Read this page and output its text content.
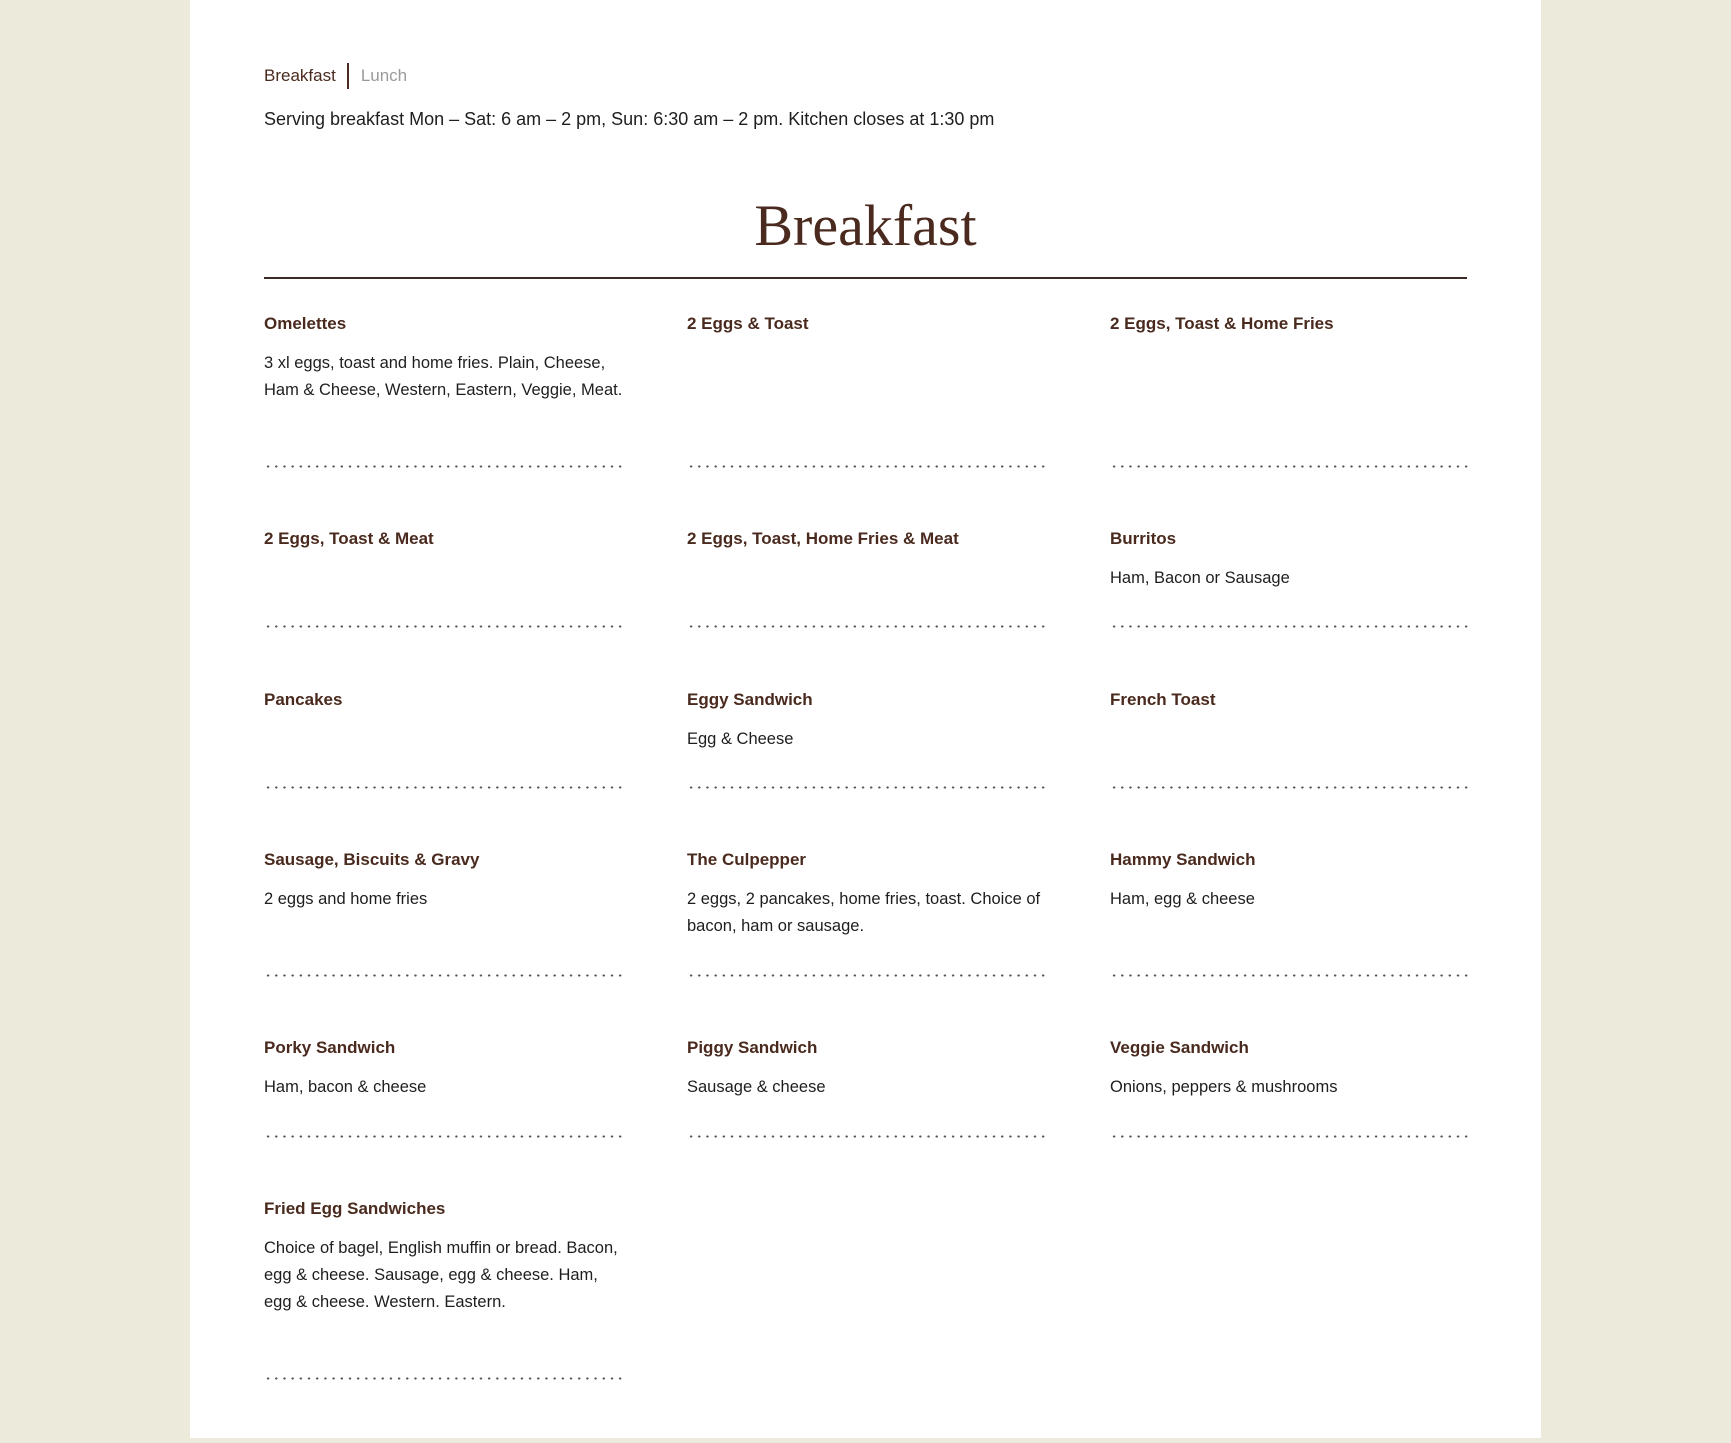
Breakfast Lunch
Serving breakfast Mon – Sat: 6 am – 2 pm, Sun: 6:30 am – 2 pm. Kitchen closes at 1:30 pm
Breakfast
Omelettes
3 xl eggs, toast and home fries. Plain, Cheese, Ham & Cheese, Western, Eastern, Veggie, Meat.
2 Eggs & Toast	2 Eggs, Toast & Home Fries
2 Eggs, Toast & Meat	2 Eggs, Toast, Home Fries & Meat	Burritos
Ham, Bacon or Sausage
Pancakes	Eggy Sandwich
Egg & Cheese
French Toast
Sausage, Biscuits & Gravy
2 eggs and home fries
The Culpepper
2 eggs, 2 pancakes, home fries, toast. Choice of bacon, ham or sausage.
Hammy Sandwich
Ham, egg & cheese
Porky Sandwich
Ham, bacon & cheese
Piggy Sandwich
Sausage & cheese
Veggie Sandwich
Onions, peppers & mushrooms
Fried Egg Sandwiches
Choice of bagel, English muffin or bread. Bacon, egg & cheese. Sausage, egg & cheese. Ham, egg & cheese. Western. Eastern.
